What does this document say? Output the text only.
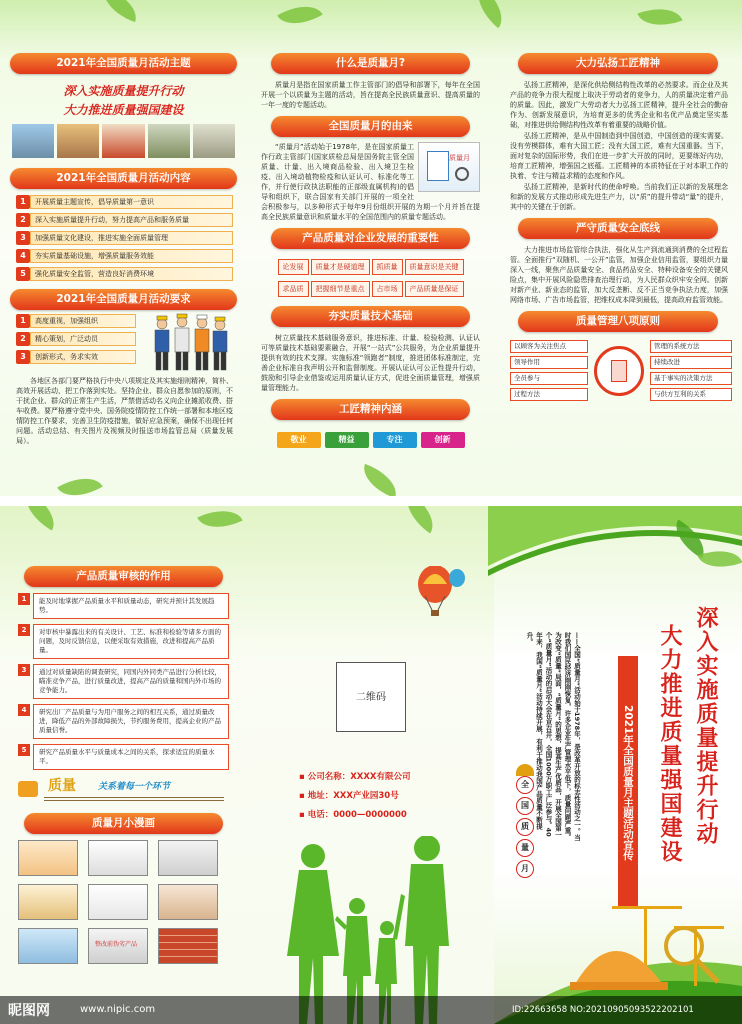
2021年全国质量月活动主题
深入实施质量提升行动
大力推进质量强国建设
2021年全国质量月活动内容
1	开展质量主题宣传，倡导质量第一意识
2	深入实施质量提升行动，努力提高产品和服务质量
3	加强质量文化建设，推进实施全面质量管理
4	夯实质量基础设施，增强质量服务效能
5	强化质量安全监管，营造良好消费环境
2021年全国质量月活动要求
1	高度重视，加强组织
2	精心策划，广泛动员
3	创新形式，务求实效
各地区各部门要严格执行中央八项规定及其实施细则精神，简朴、高效开展活动，把工作落到实处。坚持企业、群众自愿参加的原则，不干扰企业、群众的正常生产生活，严禁借活动名义向企业摊派收费、搭车收费。要严格遵守党中央、国务院疫情防控工作统一部署和本地区疫情防控工作要求，完善卫生防疫措施，做好应急预案，确保不出现任何问题。活动总结、有关图片及视频及时报送市场监管总局（质量发展局）。
什么是质量月?
质量月是指在国家质量工作主管部门的倡导和部署下，每年在全国开展一个以质量为主题的活动，旨在提高全民族质量意识、提高质量的一年一度的专题活动。
全国质量月的由来
质量月
“质量月”活动始于1978年，是在国家质量工作行政主管部门(国家质检总局是国务院主管全国质量、计量、出入境商品检验、出入境卫生检疫、出入境动植物检疫和认证认可、标准化等工作，并行使行政执法职能的正部级直属机构)的倡导和组织下，联合国家有关部门开展的一项全社会积极参与，以多种形式于每年9月份组织开展的为期一个月并旨在提高全民族质量意识和质量水平的全国范围内的质量专题活动。
产品质量对企业发展的重要性
论发展 质量才是硬道理 抓质量 质量意识是关键
求品质 把握细节是重点 占市场 产品质量是保证
夯实质量技术基础
树立质量技术基础服务意识，推进标准、计量、检验检测、认证认可等质量技术基础要素融合，开展“一站式”公共服务，为企业质量提升提供有效的技术支撑。实施标准“领跑者”制度，推进团体标准制定，完善企业标准自我声明公开和监督制度。开展认证认可公正性提升行动，鼓励和引导企业借鉴或运用质量认证方式，促进全面质量管理，增强质量管理能力。
工匠精神内涵
敬业	精益	专注	创新
大力弘扬工匠精神
弘扬工匠精神，是深化供给侧结构性改革的必然要求。而企业及其产品的竞争力很大程度上取决于劳动者的竞争力，人的质量决定着产品的质量。因此，激发广大劳动者大力弘扬工匠精神，提升全社会的勤奋作为、创新发展意识，为培育更多的优秀企业和名优产品奠定坚实基础，对推进供给侧结构性改革有着重要的战略价值。
弘扬工匠精神，是从中国制造到中国创造，中国创造的现实需要。没有劳模群体，难有大国工匠；没有大国工匠，难有大国重器。当下，面对复杂的国际形势，我们在进一步扩大开放的同时，更要练好内功，培育工匠精神，增强国之底蕴。工匠精神的本质特征在于对本职工作的执着、专注与精益求精的态度和作风。
弘扬工匠精神，是新时代的使命呼唤。当前我们正以新的发展理念和新的发展方式推动形成先进生产力，以“质”的提升带动“量”的提升，其中的关键在于创新。
严守质量安全底线
大力推进市场监管综合执法，强化从生产到流通到消费的全过程监管。全面推行“双随机、一公开”监管，加强企业信用监管，要组织力量深入一线，聚焦产品质量安全、食品药品安全、特种设备安全的关键风险点，集中开展风险隐患排查治理行动，为人民群众织牢安全网。创新对新产业、新业态的监管，加大反垄断、反不正当竞争执法力度，加强网络市场、广告市场监管，把维权成本降到最低，提高政府监管效能。
质量管理八项原则
以顾客为关注焦点
领导作用
全员参与
过程方法
管理的系统方法
持续改进
基于事实的决策方法
与供方互利的关系
产品质量审核的作用
1	能及时地掌握产品质量水平和质量动态，研究并预计其发展趋势。
2	对审核中暴露出来的有关设计、工艺、标准和检验等诸多方面的问题，及时反馈信息，以便采取有效措施，改进和提高产品质量。
3	通过对质量缺陷的调查研究，同国内外同类产品进行分析比较，瞄准竞争产品，进行质量改进，提高产品的质量和国内外市场的竞争能力。
4	研究出厂产品质量与为用户服务之间的相互关系，通过质量改进，降低产品的外部故障损失，节约服务费用，提高企业的产品质量信誉。
5	研究产品质量水平与质量成本之间的关系，探求适宜的质量水平。
质量 关系着每一个环节
质量月小漫画
整改前伪劣产品
二维码
▪ 公司名称：XXXX有限公司
▪ 地址：XXX产业园30号
▪ 电话：0000—0000000	深入实施质量提升行动
大力推进质量强国建设
2021年全国质量月主题活动宣传
——全国“质量月”活动始于1978年，是改革开放的标志性活动之一。当时我们国民经济刚刚恢复，许多企业生产管理水平低下，质量问题严重。为改变“质量”局面，“质量月”的思想，提高生产优质品，开展全国第一个“质量月”活动的启动大会在京召开，全国1000万职工广泛参与。40年来，我国“质量月”活动持续开展，有利于推动我国产品质量不断提升。
全
国
质
量
月
昵图网	www.nipic.com	ID:22663658 NO:20210905093522202101
